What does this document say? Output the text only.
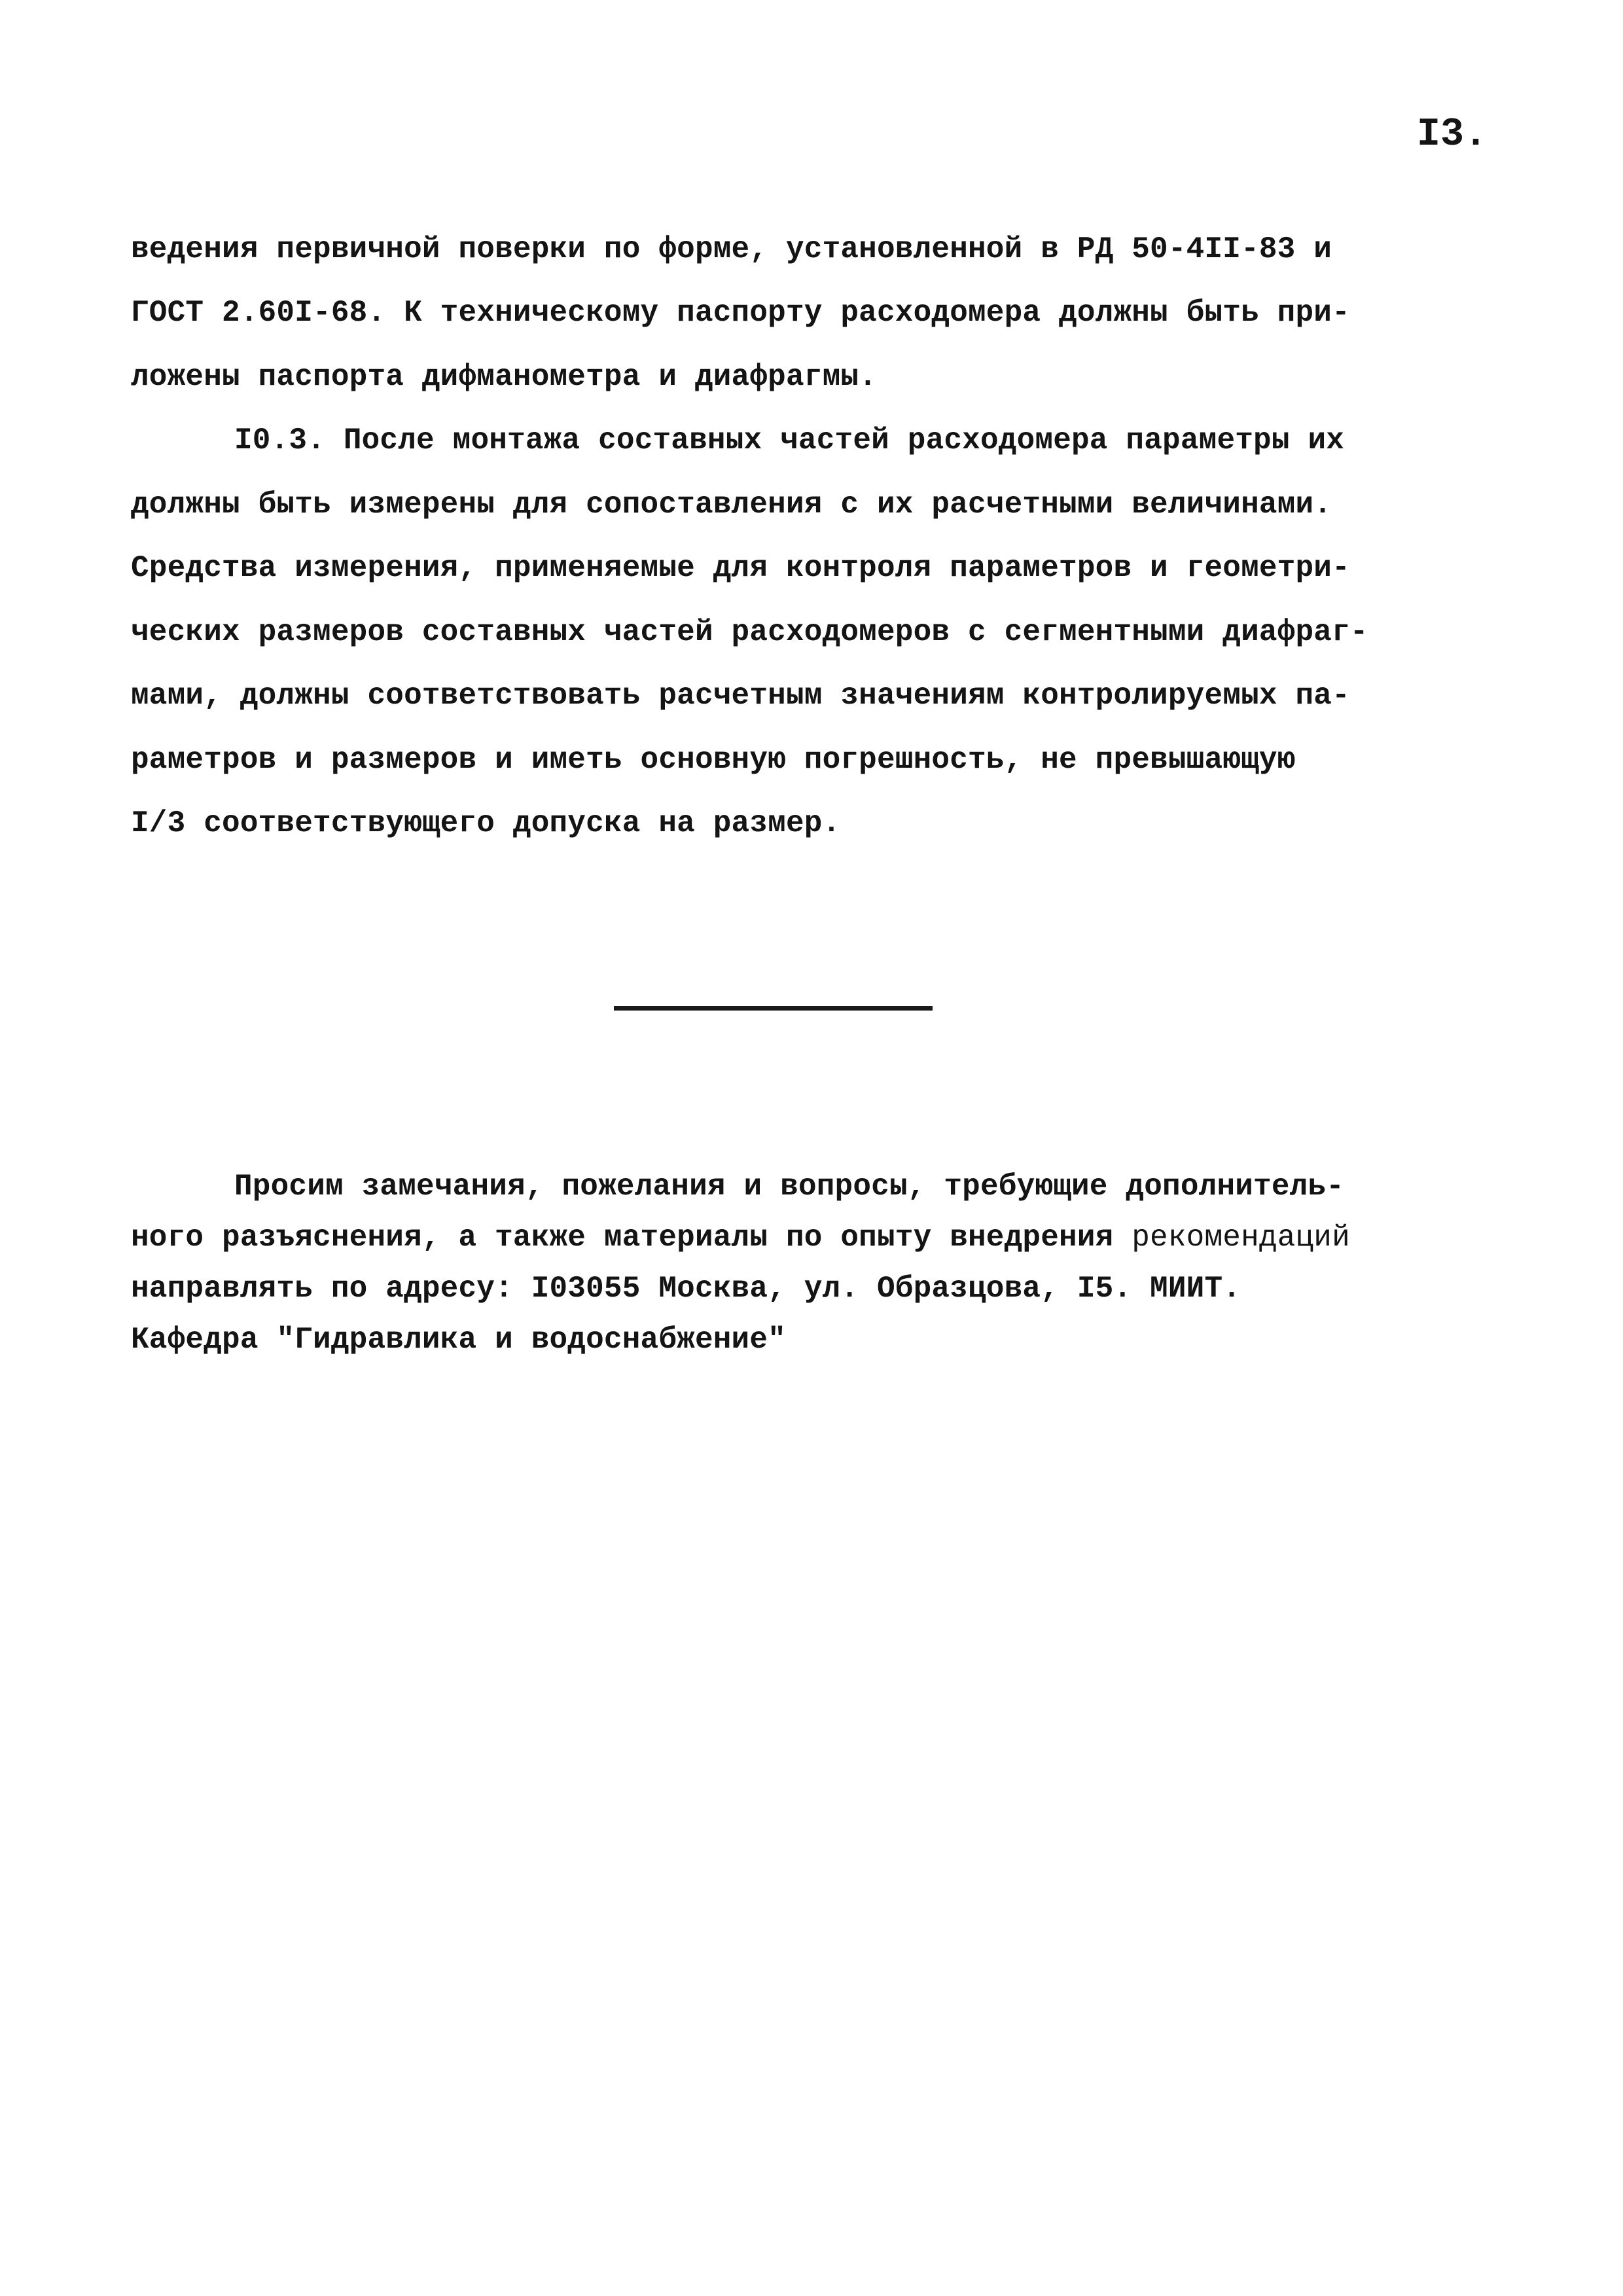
I3.
ведения первичной поверки по форме, установленной в РД 50-4II-83 и
ГОСТ 2.60I-68. К техническому паспорту расходомера должны быть при-
ложены паспорта дифманометра и диафрагмы.
I0.3. После монтажа составных частей расходомера параметры их
должны быть измерены для сопоставления с их расчетными величинами.
Средства измерения, применяемые для контроля параметров и геометри-
ческих размеров составных частей расходомеров с сегментными диафраг-
мами, должны соответствовать расчетным значениям контролируемых па-
раметров и размеров и иметь основную погрешность, не превышающую
I/3 соответствующего допуска на размер.
Просим замечания, пожелания и вопросы, требующие дополнитель-
ного разъяснения, а также материалы по опыту внедрения рекомендаций
направлять по адресу: I03055 Москва, ул. Образцова, I5. МИИТ.
Кафедра "Гидравлика и водоснабжение"
